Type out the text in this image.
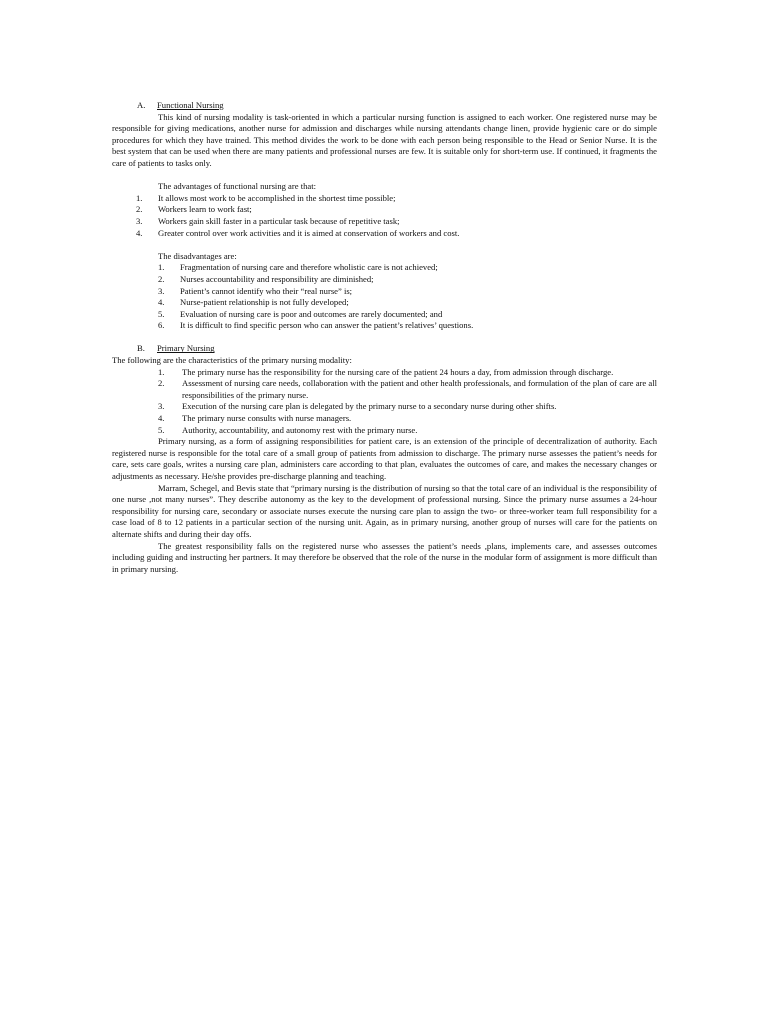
A. Functional Nursing

This kind of nursing modality is task-oriented in which a particular nursing function is assigned to each worker. One registered nurse may be responsible for giving medications, another nurse for admission and discharges while nursing attendants change linen, provide hygienic care or do simple procedures for which they have trained. This method divides the work to be done with each person being responsible to the Head or Senior Nurse. It is the best system that can be used when there are many patients and professional nurses are few. It is suitable only for short-term use. If continued, it fragments the care of patients to tasks only.

The advantages of functional nursing are that:
1.	It allows most work to be accomplished in the shortest time possible;
2.	Workers learn to work fast;
3.	Workers gain skill faster in a particular task because of repetitive task;
4.	Greater control over work activities and it is aimed at conservation of workers and cost.
The disadvantages are:
1.	Fragmentation of nursing care and therefore wholistic care is not achieved;
2.	Nurses accountability and responsibility are diminished;
3.	Patient’s cannot identify who their “real nurse” is;
4.	Nurse-patient relationship is not fully developed;
5.	Evaluation of nursing care is poor and outcomes are rarely documented; and
6.	It is difficult to find specific person who can answer the patient’s relatives’ questions.
B. Primary Nursing

The following are the characteristics of the primary nursing modality:

1.	The primary nurse has the responsibility for the nursing care of the patient 24 hours a day, from admission through discharge.
2.	Assessment of nursing care needs, collaboration with the patient and other health professionals, and formulation of the plan of care are all responsibilities of the primary nurse.
3.	Execution of the nursing care plan is delegated by the primary nurse to a secondary nurse during other shifts.
4.	The primary nurse consults with nurse managers.
5.	Authority, accountability, and autonomy rest with the primary nurse.

Primary nursing, as a form of assigning responsibilities for patient care, is an extension of the principle of decentralization of authority. Each registered nurse is responsible for the total care of a small group of patients from admission to discharge. The primary nurse assesses the patient’s needs for care, sets care goals, writes a nursing care plan, administers care according to that plan, evaluates the outcomes of care, and makes the necessary changes or adjustments as necessary. He/she provides pre-discharge planning and teaching.

Marram, Schegel, and Bevis state that “primary nursing is the distribution of nursing so that the total care of an individual is the responsibility of one nurse ,not many nurses”. They describe autonomy as the key to the development of professional nursing. Since the primary nurse assumes a 24-hour responsibility for nursing care, secondary or associate nurses execute the nursing care plan to assign the two- or three-worker team full responsibility for a case load of 8 to 12 patients in a particular section of the nursing unit. Again, as in primary nursing, another group of nurses will care for the patients on alternate shifts and during their day offs.

The greatest responsibility falls on the registered nurse who assesses the patient’s needs ,plans, implements care, and assesses outcomes including guiding and instructing her partners. It may therefore be observed that the role of the nurse in the modular form of assignment is more difficult than in primary nursing.
